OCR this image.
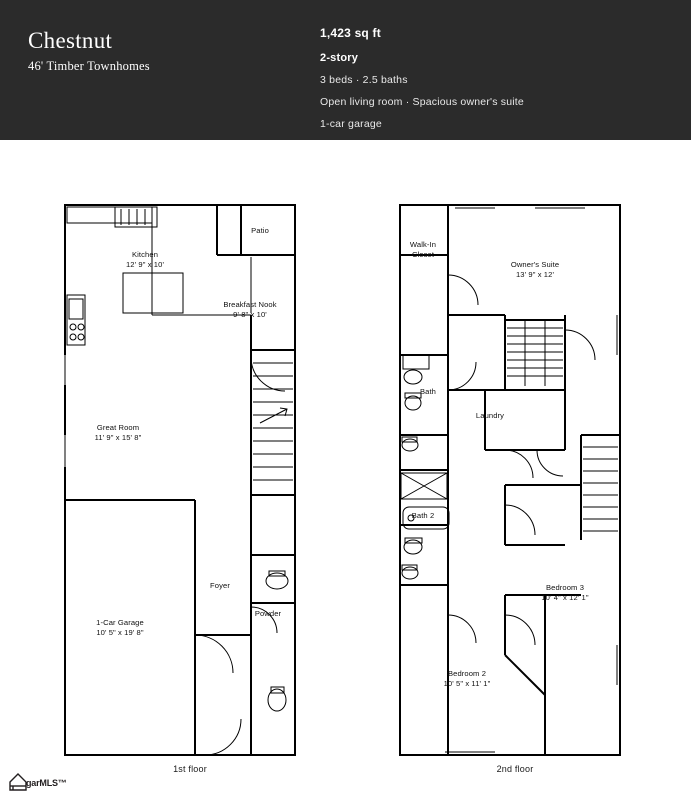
Chestnut
46' Timber Townhomes
1,423 sq ft
2-story
3 beds · 2.5 baths
Open living room · Spacious owner's suite
1-car garage
Kitchen
12' 9" x 10'
Patio
Breakfast Nook
9' 8" x 10'
Great Room
11' 9" x 15' 8"
Foyer
Powder
1-Car Garage
10' 5" x 19' 8"
1st floor
Walk-In
Closet
Owner's Suite
13' 9" x 12'
Bath
Laundry
Bath 2
Bedroom 3
10' 4" x 12' 1"
Bedroom 2
10' 5" x 11' 1"
2nd floor
garMLS™
